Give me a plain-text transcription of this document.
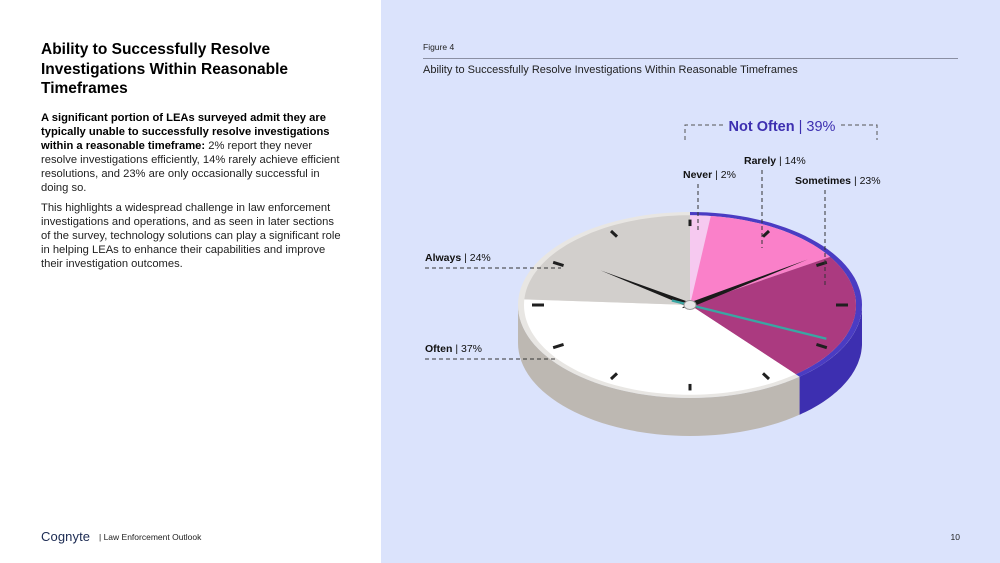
Ability to Successfully Resolve Investigations Within Reasonable Timeframes
A significant portion of LEAs surveyed admit they are typically unable to successfully resolve investigations within a reasonable timeframe: 2% report they never resolve investigations efficiently, 14% rarely achieve efficient resolutions, and 23% are only occasionally successful in doing so.
This highlights a widespread challenge in law enforcement investigations and operations, and as seen in later sections of the survey, technology solutions can play a significant role in helping LEAs to enhance their capabilities and improve their investigation outcomes.
Cognyte | Law Enforcement Outlook
Figure 4
Ability to Successfully Resolve Investigations Within Reasonable Timeframes
10
Never | 2%
Rarely | 14%
Sometimes | 23%
Always | 24%
Often | 37%
Not Often | 39%
